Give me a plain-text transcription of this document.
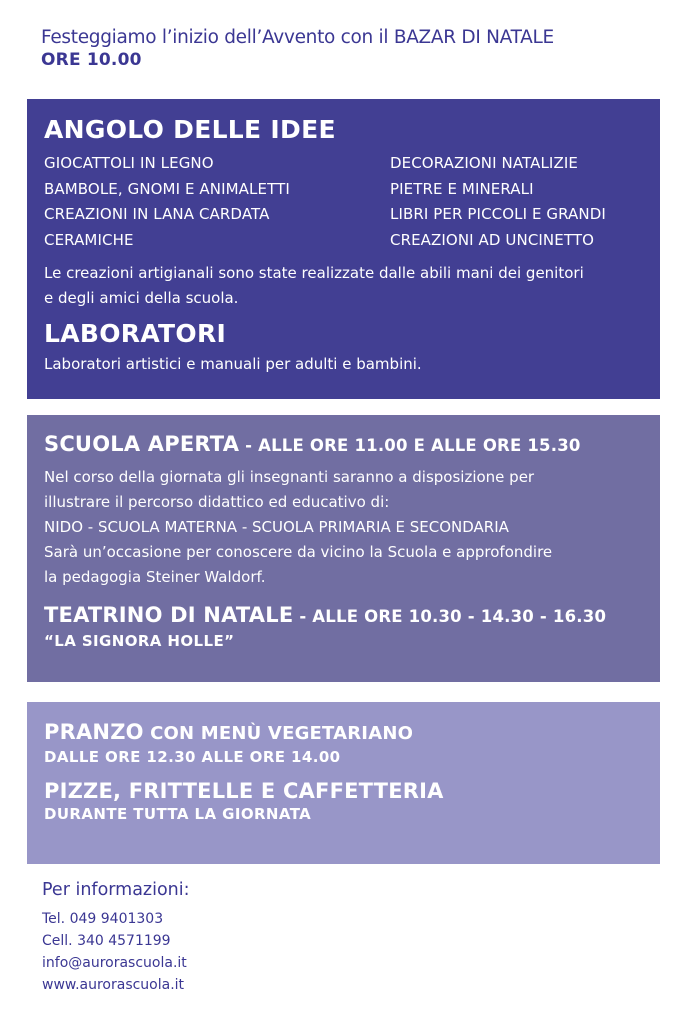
Festeggiamo l’inizio dell’Avvento con il BAZAR DI NATALE
ORE 10.00
ANGOLO DELLE IDEE
GIOCATTOLI IN LEGNO
BAMBOLE, GNOMI E ANIMALETTI
CREAZIONI IN LANA CARDATA
CERAMICHE
DECORAZIONI NATALIZIE
PIETRE E MINERALI
LIBRI PER PICCOLI E GRANDI
CREAZIONI AD UNCINETTO
Le creazioni artigianali sono state realizzate dalle abili mani dei genitori
e degli amici della scuola.
LABORATORI
Laboratori artistici e manuali per adulti e bambini.
SCUOLA APERTA - ALLE ORE 11.00 E ALLE ORE 15.30
Nel corso della giornata gli insegnanti saranno a disposizione per
illustrare il percorso didattico ed educativo di:
NIDO - SCUOLA MATERNA - SCUOLA PRIMARIA E SECONDARIA
Sarà un’occasione per conoscere da vicino la Scuola e approfondire
la pedagogia Steiner Waldorf.
TEATRINO DI NATALE - ALLE ORE 10.30 - 14.30 - 16.30
“LA SIGNORA HOLLE”
PRANZO CON MENÙ VEGETARIANO
DALLE ORE 12.30 ALLE ORE 14.00
PIZZE, FRITTELLE E CAFFETTERIA
DURANTE TUTTA LA GIORNATA
Per informazioni:
Tel. 049 9401303
Cell. 340 4571199
info@aurorascuola.it
www.aurorascuola.it
